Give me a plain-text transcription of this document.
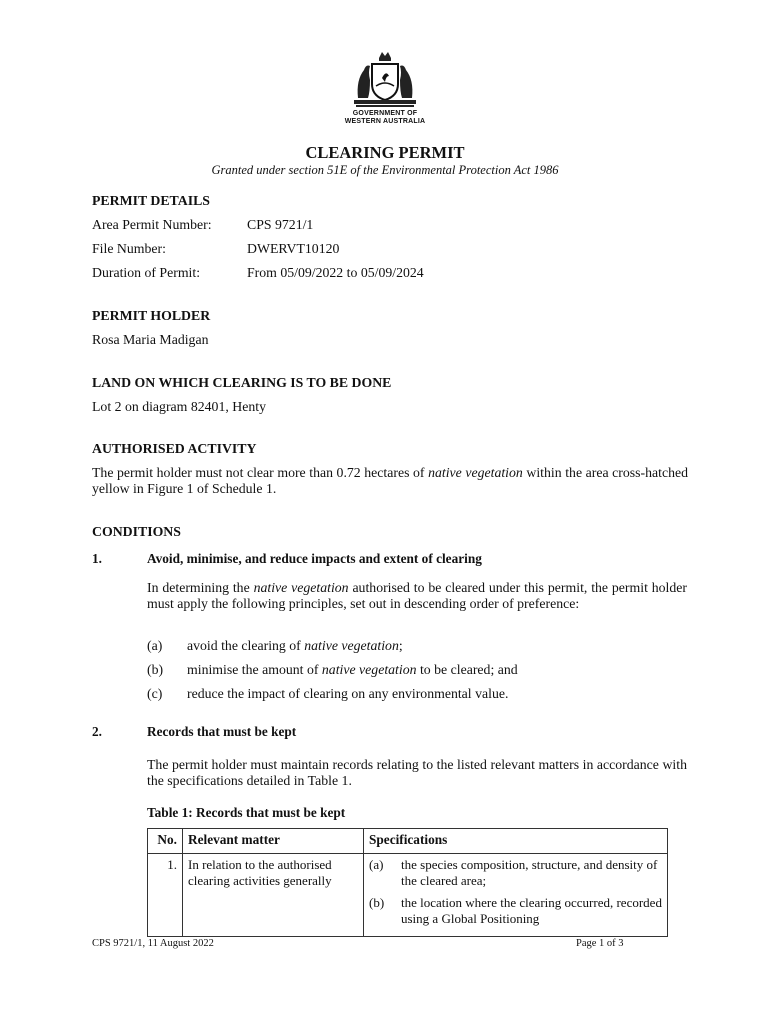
GOVERNMENT OF
WESTERN AUSTRALIA
CLEARING PERMIT
Granted under section 51E of the Environmental Protection Act 1986
PERMIT DETAILS
Area Permit Number:	CPS 9721/1
File Number:	DWERVT10120
Duration of Permit:	From 05/09/2022 to 05/09/2024
PERMIT HOLDER
Rosa Maria Madigan
LAND ON WHICH CLEARING IS TO BE DONE
Lot 2 on diagram 82401, Henty
AUTHORISED ACTIVITY
The permit holder must not clear more than 0.72 hectares of native vegetation within the area cross-hatched yellow in Figure 1 of Schedule 1.
CONDITIONS
1.	Avoid, minimise, and reduce impacts and extent of clearing
In determining the native vegetation authorised to be cleared under this permit, the permit holder must apply the following principles, set out in descending order of preference:
(a) avoid the clearing of native vegetation;
(b) minimise the amount of native vegetation to be cleared; and
(c) reduce the impact of clearing on any environmental value.
2.	Records that must be kept
The permit holder must maintain records relating to the listed relevant matters in accordance with the specifications detailed in Table 1.
Table 1: Records that must be kept
No.	Relevant matter	Specifications
1.	In relation to the authorised clearing activities generally	(a) the species composition, structure, and density of the cleared area;
(b) the location where the clearing occurred, recorded using a Global Positioning
CPS 9721/1, 11 August 2022	Page 1 of 3
